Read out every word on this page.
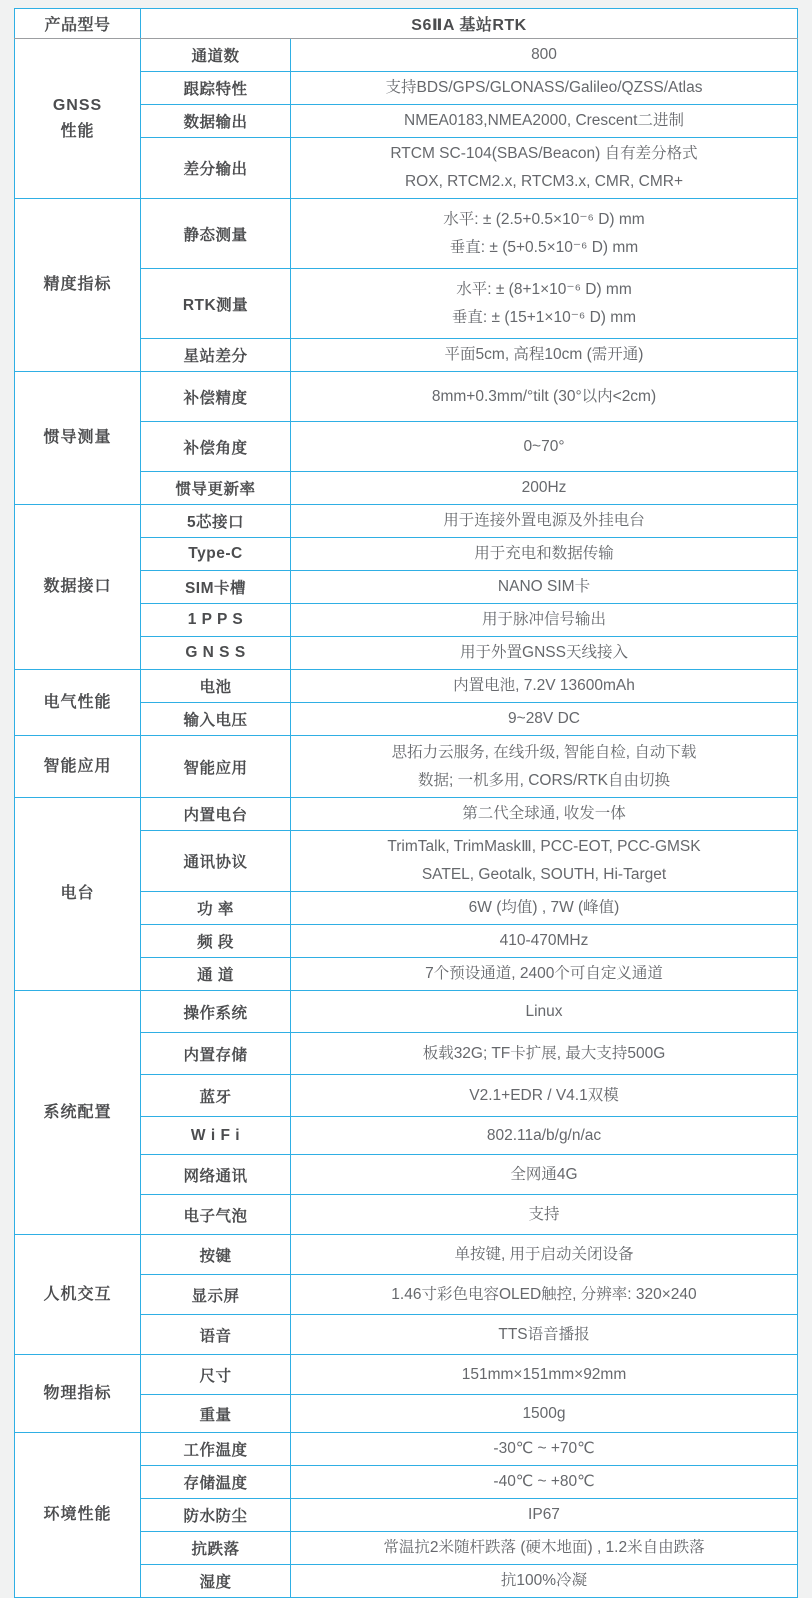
产品型号	S6ⅡA 基站RTK	

GNSS
性能	通道数	800

	跟踪特性	支持BDS/GPS/GLONASS/Galileo/QZSS/Atlas

	数据输出	NMEA0183,NMEA2000, Crescent二进制

	差分输出	RTCM SC-104(SBAS/Beacon) 自有差分格式
ROX, RTCM2.x, RTCM3.x, CMR, CMR+

精度指标	静态测量	水平: ± (2.5+0.5×10⁻⁶ D) mm
垂直: ± (5+0.5×10⁻⁶ D) mm

	RTK测量	水平: ± (8+1×10⁻⁶ D) mm
垂直: ± (15+1×10⁻⁶ D) mm

	星站差分	平面5cm, 高程10cm (需开通)

惯导测量	补偿精度	8mm+0.3mm/°tilt (30°以内<2cm)

	补偿角度	0~70°

	惯导更新率	200Hz

数据接口	5芯接口	用于连接外置电源及外挂电台

	Type-C	用于充电和数据传输

	SIM卡槽	NANO SIM卡

	1 P P S	用于脉冲信号输出

	G N S S	用于外置GNSS天线接入

电气性能	电池	内置电池, 7.2V 13600mAh

	输入电压	9~28V DC

智能应用	智能应用	思拓力云服务, 在线升级, 智能自检, 自动下载
数据; 一机多用, CORS/RTK自由切换

电台	内置电台	第二代全球通, 收发一体

	通讯协议	TrimTalk, TrimMaskⅢ, PCC-EOT, PCC-GMSK
SATEL, Geotalk, SOUTH, Hi-Target

	功 率	6W (均值) , 7W (峰值)

	频 段	410-470MHz

	通 道	7个预设通道, 2400个可自定义通道

系统配置	操作系统	Linux

	内置存储	板载32G; TF卡扩展, 最大支持500G

	蓝牙	V2.1+EDR / V4.1双模

	W i F i	802.11a/b/g/n/ac

	网络通讯	全网通4G

	电子气泡	支持

人机交互	按键	单按键, 用于启动关闭设备

	显示屏	1.46寸彩色电容OLED触控, 分辨率: 320×240

	语音	TTS语音播报

物理指标	尺寸	151mm×151mm×92mm

	重量	1500g

环境性能	工作温度	-30℃ ~ +70℃

	存储温度	-40℃ ~ +80℃

	防水防尘	IP67

	抗跌落	常温抗2米随杆跌落 (硬木地面) , 1.2米自由跌落

	湿度	抗100%冷凝
